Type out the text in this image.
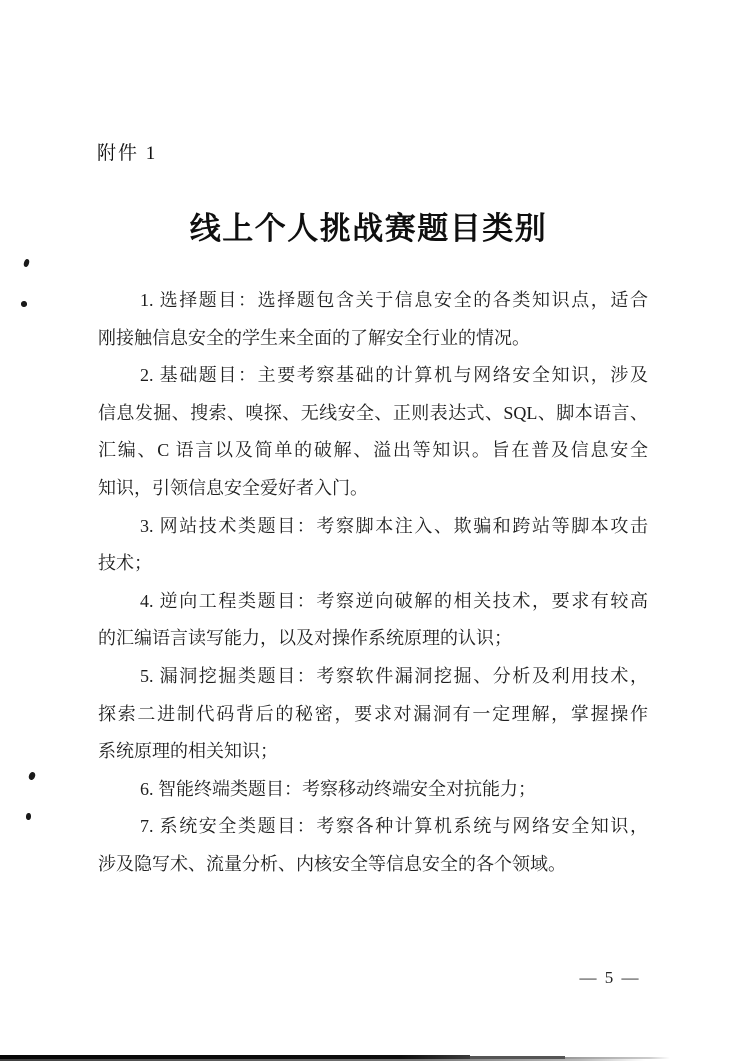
附件 1
线上个人挑战赛题目类别
1. 选择题目：选择题包含关于信息安全的各类知识点，适合
刚接触信息安全的学生来全面的了解安全行业的情况。
2. 基础题目：主要考察基础的计算机与网络安全知识，涉及
信息发掘、搜索、嗅探、无线安全、正则表达式、SQL、脚本语言、
汇编、C 语言以及简单的破解、溢出等知识。旨在普及信息安全
知识，引领信息安全爱好者入门。
3. 网站技术类题目：考察脚本注入、欺骗和跨站等脚本攻击
技术；
4. 逆向工程类题目：考察逆向破解的相关技术，要求有较高
的汇编语言读写能力，以及对操作系统原理的认识；
5. 漏洞挖掘类题目：考察软件漏洞挖掘、分析及利用技术，
探索二进制代码背后的秘密，要求对漏洞有一定理解，掌握操作
系统原理的相关知识；
6. 智能终端类题目：考察移动终端安全对抗能力；
7. 系统安全类题目：考察各种计算机系统与网络安全知识，
涉及隐写术、流量分析、内核安全等信息安全的各个领域。
— 5 —
